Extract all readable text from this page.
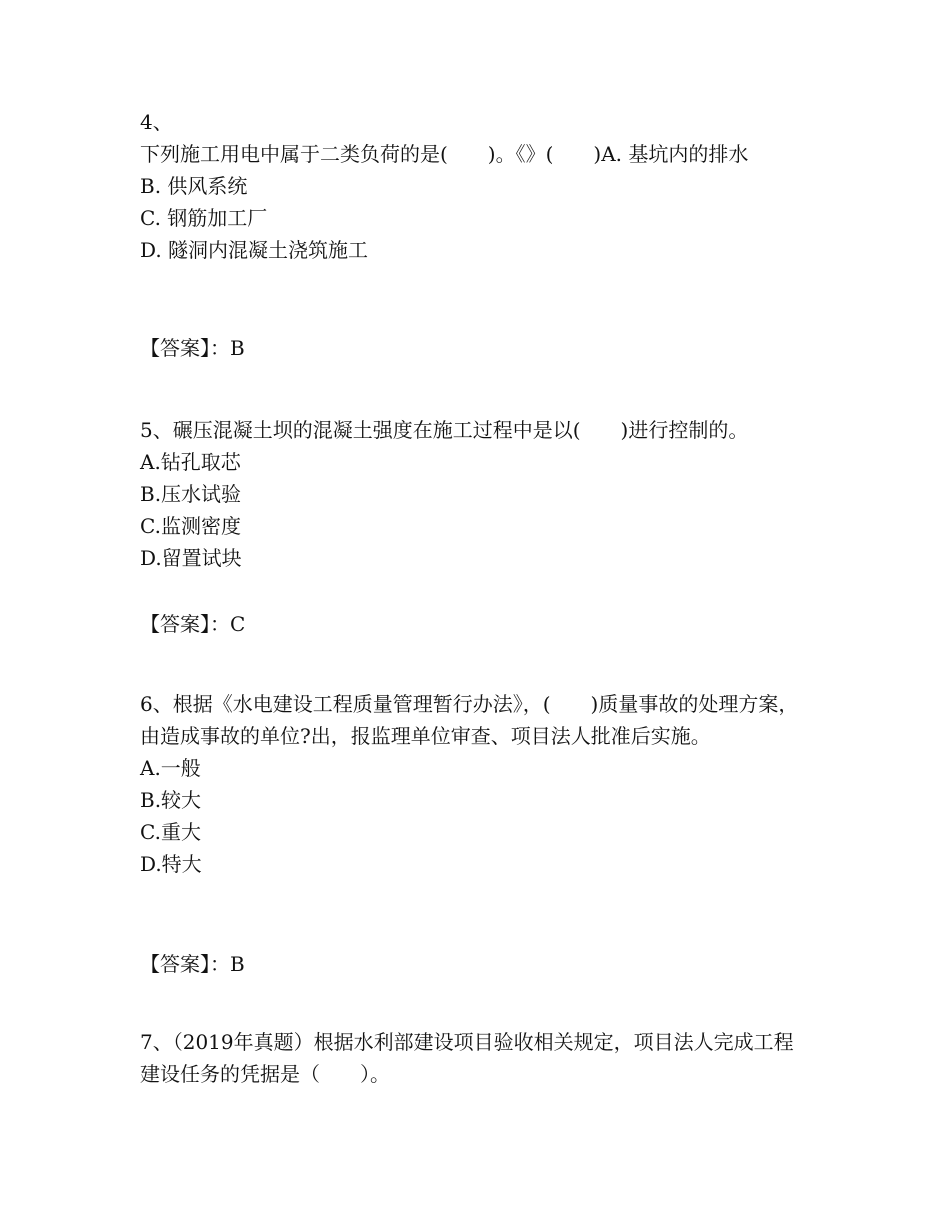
4、
下列施工用电中属于二类负荷的是(　　)。《》(　　)A. 基坑内的排水
B. 供风系统
C. 钢筋加工厂
D. 隧洞内混凝土浇筑施工
【答案】：B
5、碾压混凝土坝的混凝土强度在施工过程中是以(　　)进行控制的。
A.钻孔取芯
B.压水试验
C.监测密度
D.留置试块
【答案】：C
6、根据《水电建设工程质量管理暂行办法》，(　　)质量事故的处理方案，由造成事故的单位?出，报监理单位审查、项目法人批准后实施。
A.一般
B.较大
C.重大
D.特大
【答案】：B
7、（2019年真题）根据水利部建设项目验收相关规定，项目法人完成工程建设任务的凭据是（　　）。
